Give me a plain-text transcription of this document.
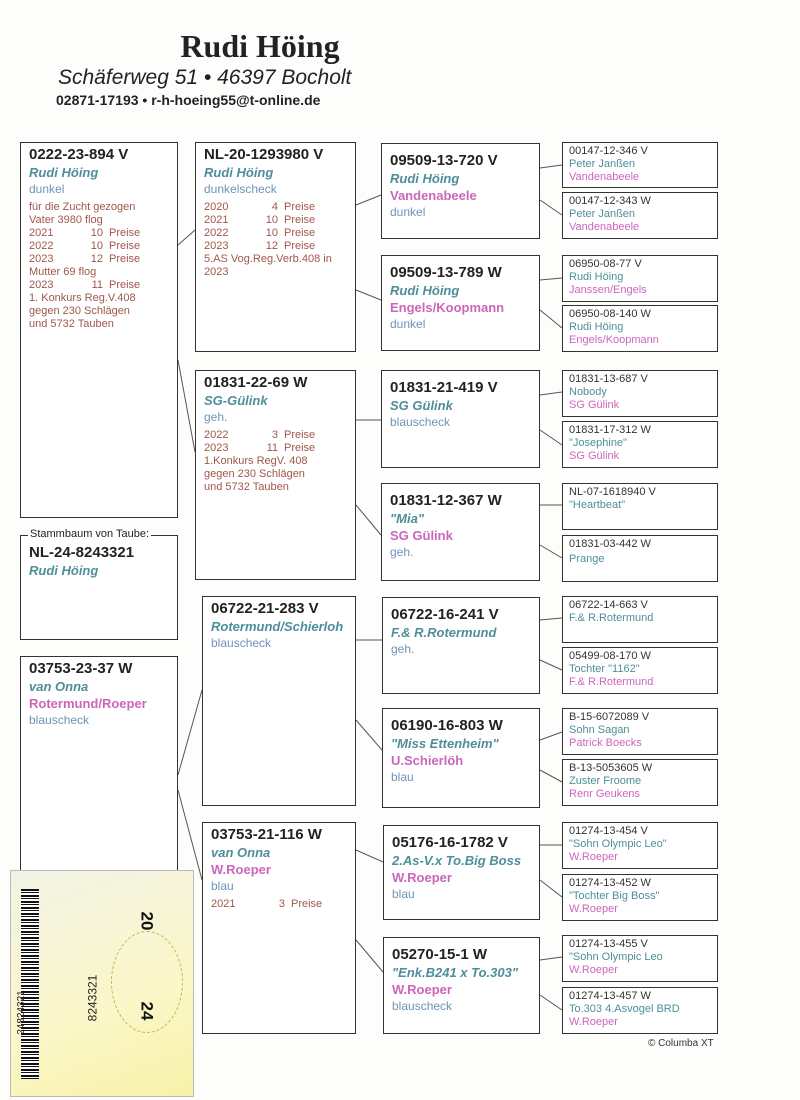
Rudi Höing
Schäferweg 51 • 46397 Bocholt
02871-17193 • r-h-hoeing55@t-online.de
0222-23-894 V
Rudi Höing
dunkel
für die Zucht gezogen
Vater 3980 flog
2021	10 Preise
2022	10 Preise
2023	12 Preise
Mutter 69 flog
2023	11 Preise
1. Konkurs Reg.V.408
gegen 230 Schlägen
und 5732 Tauben
NL-24-8243321
Rudi Höing
Stammbaum von Taube:
03753-23-37 W
van Onna
Rotermund/Roeper
blauscheck
NL-20-1293980 V
Rudi Höing
dunkelscheck
2020	4 Preise
2021	10 Preise
2022	10 Preise
2023	12 Preise
5.AS Vog.Reg.Verb.408 in
2023
01831-22-69 W
SG-Gülink
geh.
2022	3 Preise
2023	11 Preise
1.Konkurs RegV. 408
gegen 230 Schlägen
und 5732 Tauben
06722-21-283 V
Rotermund/Schierloh
blauscheck
03753-21-116 W
van Onna
W.Roeper
blau
2021	3 Preise
09509-13-720 V
Rudi Höing
Vandenabeele
dunkel
09509-13-789 W
Rudi Höing
Engels/Koopmann
dunkel
01831-21-419 V
SG Gülink
blauscheck
01831-12-367 W
"Mia"
SG Gülink
geh.
06722-16-241 V
F.& R.Rotermund
geh.
06190-16-803 W
"Miss Ettenheim"
U.Schierlöh
blau
05176-16-1782 V
2.As-V.x To.Big Boss
W.Roeper
blau
05270-15-1 W
"Enk.B241 x To.303"
W.Roeper
blauscheck
00147-12-346 V
Peter Janßen
Vandenabeele
00147-12-343 W
Peter Janßen
Vandenabeele
06950-08-77 V
Rudi Höing
Janssen/Engels
06950-08-140 W
Rudi Höing
Engels/Koopmann
01831-13-687 V
Nobody
SG Gülink
01831-17-312 W
"Josephine"
SG Gülink
NL-07-1618940 V
"Heartbeat"
01831-03-442 W
Prange
06722-14-663 V
F.& R.Rotermund
05499-08-170 W
Tochter "1162"
F.& R.Rotermund
B-15-6072089 V
Sohn Sagan
Patrick Boecks
B-13-5053605 W
Zuster Froome
Renr Geukens
01274-13-454 V
"Sohn Olympic Leo"
W.Roeper
01274-13-452 W
"Tochter Big Boss"
W.Roeper
01274-13-455 V
"Sohn Olympic Leo
W.Roeper
01274-13-457 W
To.303 4.Asvogel BRD
W.Roeper
© Columba XT
24824321	8243321
20
24
